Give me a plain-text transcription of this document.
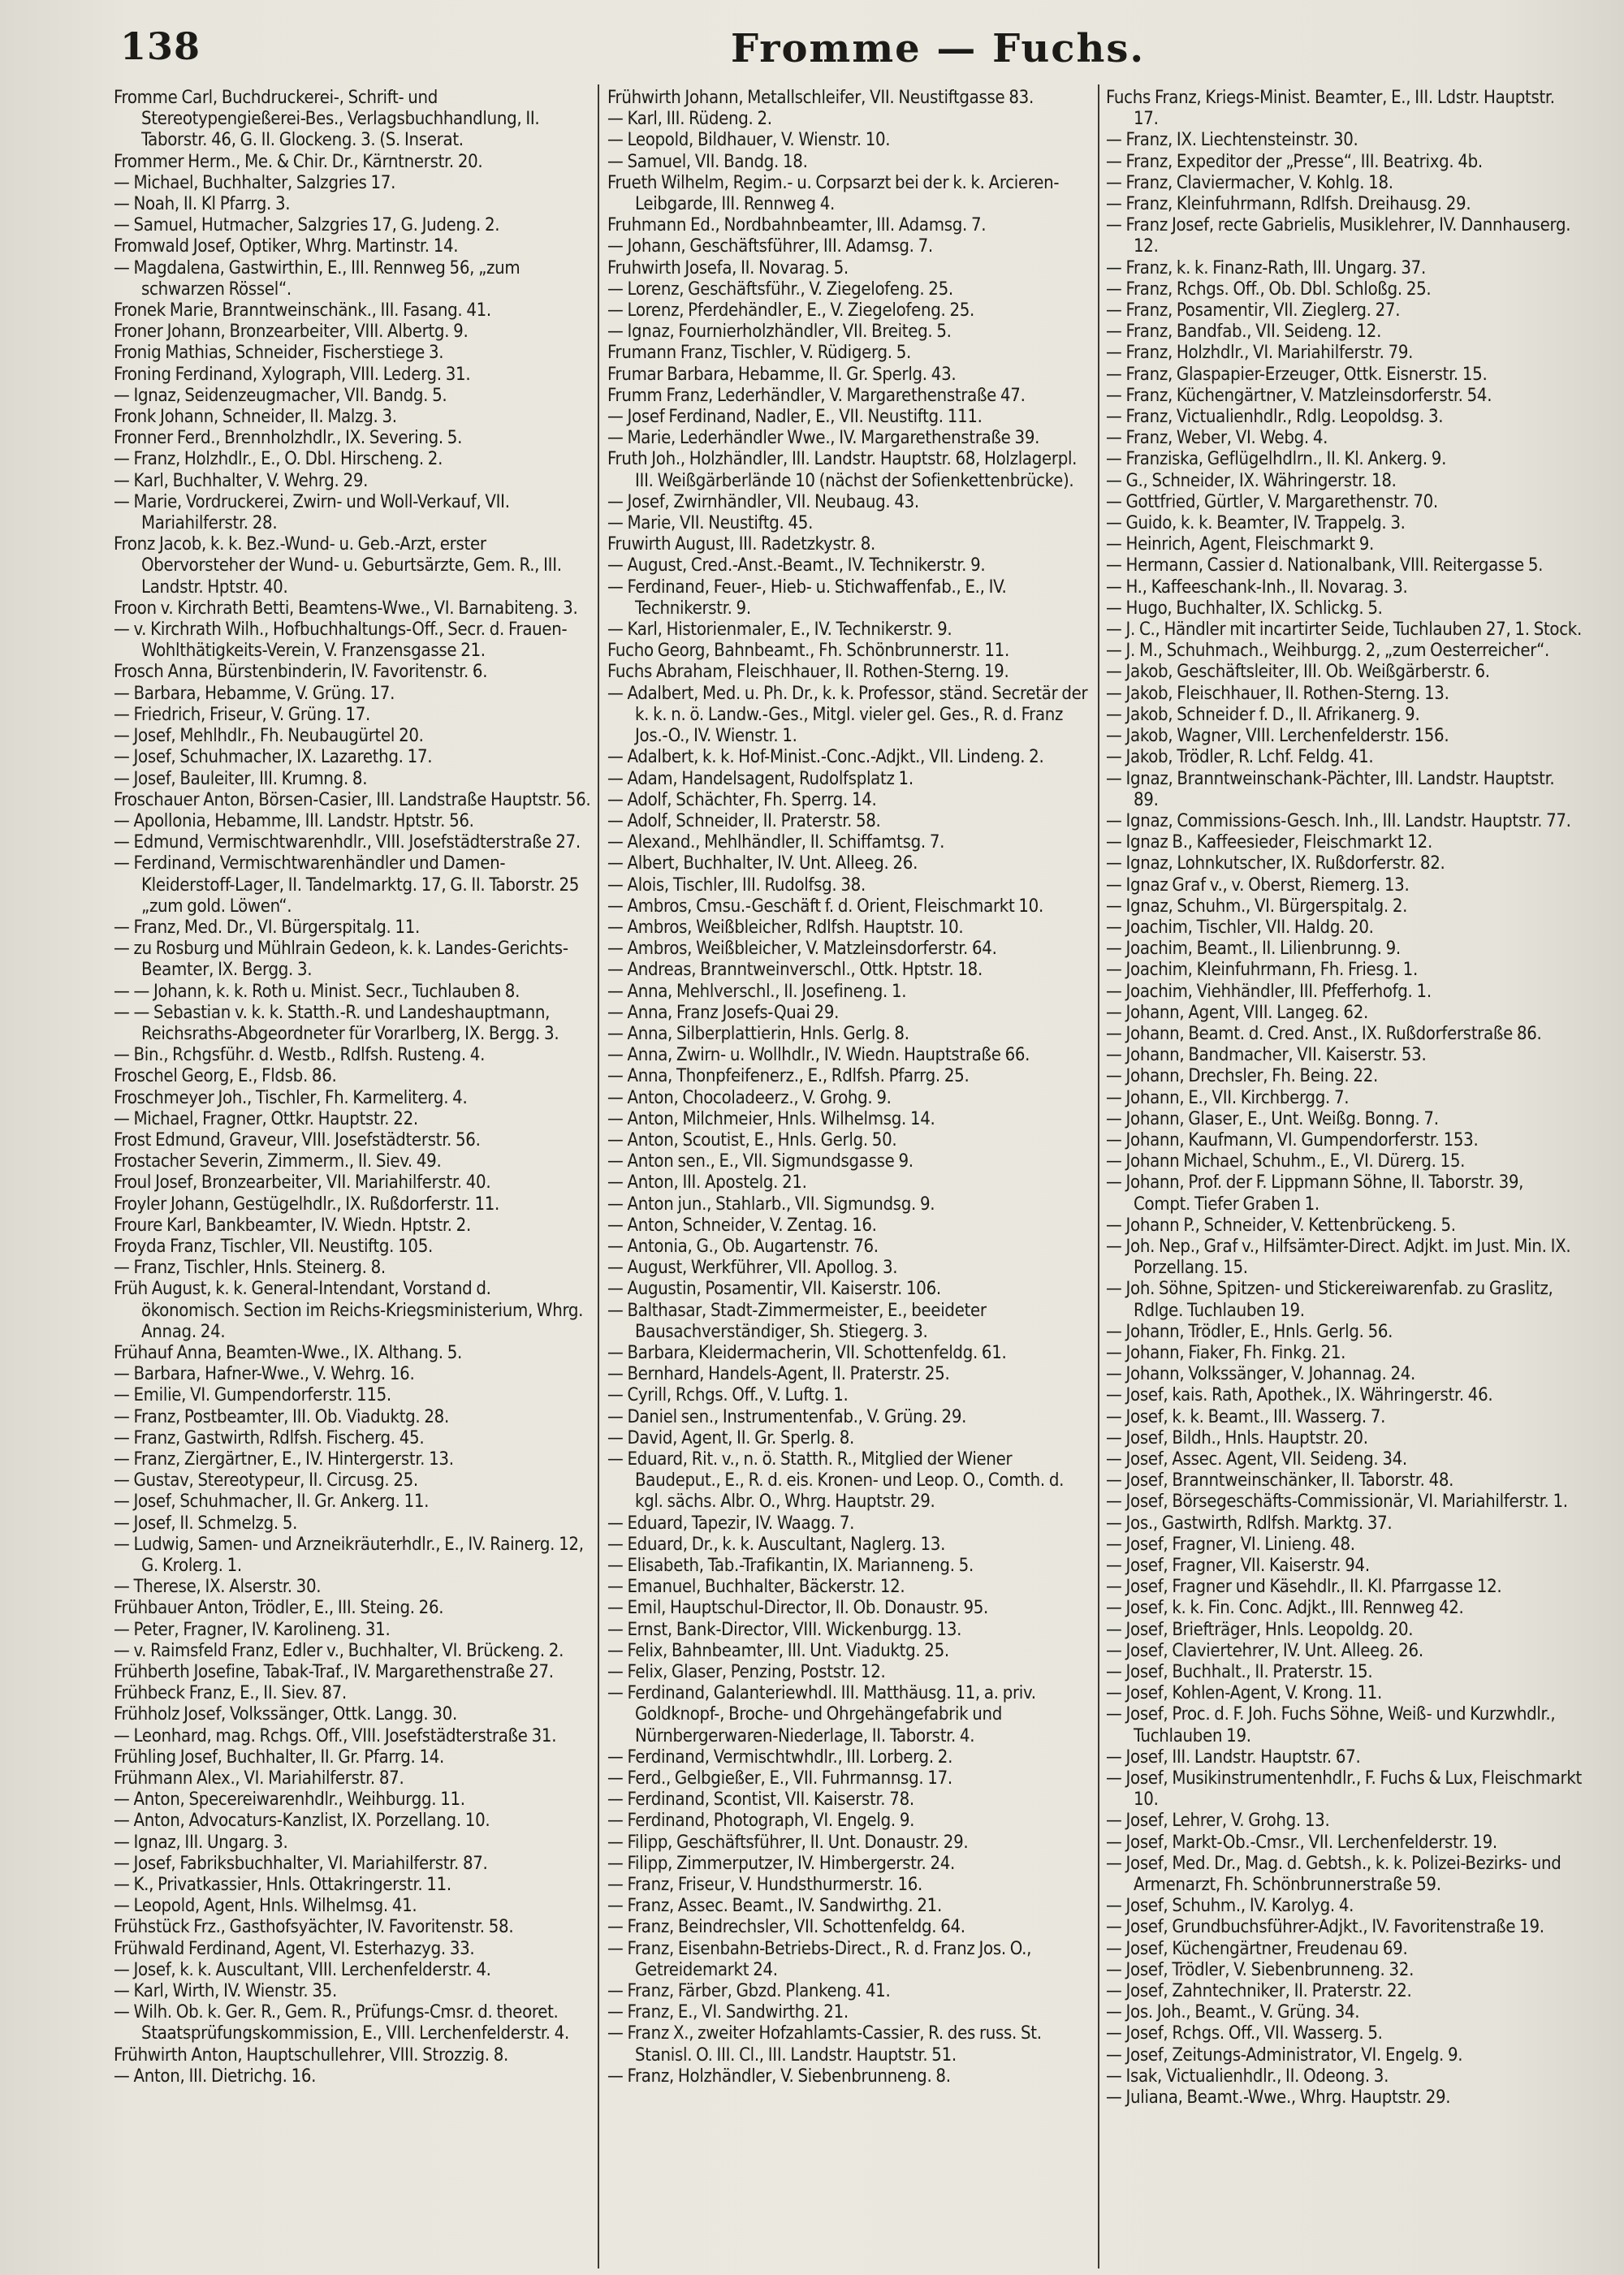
138	Fromme — Fuchs.
Fromme Carl, Buchdruckerei-, Schrift- und Stereotypengießerei-Bes., Verlagsbuchhandlung, II. Taborstr. 46, G. II. Glockeng. 3. (S. Inserat.
Frommer Herm., Me. & Chir. Dr., Kärntnerstr. 20.
— Michael, Buchhalter, Salzgries 17.
— Noah, II. Kl Pfarrg. 3.
— Samuel, Hutmacher, Salzgries 17, G. Judeng. 2.
Fromwald Josef, Optiker, Whrg. Martinstr. 14.
— Magdalena, Gastwirthin, E., III. Rennweg 56, „zum schwarzen Rössel“.
Fronek Marie, Branntweinschänk., III. Fasang. 41.
Froner Johann, Bronzearbeiter, VIII. Albertg. 9.
Fronig Mathias, Schneider, Fischerstiege 3.
Froning Ferdinand, Xylograph, VIII. Lederg. 31.
— Ignaz, Seidenzeugmacher, VII. Bandg. 5.
Fronk Johann, Schneider, II. Malzg. 3.
Fronner Ferd., Brennholzhdlr., IX. Severing. 5.
— Franz, Holzhdlr., E., O. Dbl. Hirscheng. 2.
— Karl, Buchhalter, V. Wehrg. 29.
— Marie, Vordruckerei, Zwirn- und Woll-Verkauf, VII. Mariahilferstr. 28.
Fronz Jacob, k. k. Bez.-Wund- u. Geb.-Arzt, erster Obervorsteher der Wund- u. Geburtsärzte, Gem. R., III. Landstr. Hptstr. 40.
Froon v. Kirchrath Betti, Beamtens-Wwe., VI. Barnabiteng. 3.
— v. Kirchrath Wilh., Hofbuchhaltungs-Off., Secr. d. Frauen-Wohlthätigkeits-Verein, V. Franzensgasse 21.
Frosch Anna, Bürstenbinderin, IV. Favoritenstr. 6.
— Barbara, Hebamme, V. Grüng. 17.
— Friedrich, Friseur, V. Grüng. 17.
— Josef, Mehlhdlr., Fh. Neubaugürtel 20.
— Josef, Schuhmacher, IX. Lazarethg. 17.
— Josef, Bauleiter, III. Krumng. 8.
Froschauer Anton, Börsen-Casier, III. Landstraße Hauptstr. 56.
— Apollonia, Hebamme, III. Landstr. Hptstr. 56.
— Edmund, Vermischtwarenhdlr., VIII. Josefstädterstraße 27.
— Ferdinand, Vermischtwarenhändler und Damen-Kleiderstoff-Lager, II. Tandelmarktg. 17, G. II. Taborstr. 25 „zum gold. Löwen“.
— Franz, Med. Dr., VI. Bürgerspitalg. 11.
— zu Rosburg und Mühlrain Gedeon, k. k. Landes-Gerichts-Beamter, IX. Bergg. 3.
— — Johann, k. k. Roth u. Minist. Secr., Tuchlauben 8.
— — Sebastian v. k. k. Statth.-R. und Landeshauptmann, Reichsraths-Abgeordneter für Vorarlberg, IX. Bergg. 3.
— Bin., Rchgsführ. d. Westb., Rdlfsh. Rusteng. 4.
Froschel Georg, E., Fldsb. 86.
Froschmeyer Joh., Tischler, Fh. Karmeliterg. 4.
— Michael, Fragner, Ottkr. Hauptstr. 22.
Frost Edmund, Graveur, VIII. Josefstädterstr. 56.
Frostacher Severin, Zimmerm., II. Siev. 49.
Froul Josef, Bronzearbeiter, VII. Mariahilferstr. 40.
Froyler Johann, Gestügelhdlr., IX. Rußdorferstr. 11.
Froure Karl, Bankbeamter, IV. Wiedn. Hptstr. 2.
Froyda Franz, Tischler, VII. Neustiftg. 105.
— Franz, Tischler, Hnls. Steinerg. 8.
Früh August, k. k. General-Intendant, Vorstand d. ökonomisch. Section im Reichs-Kriegsministerium, Whrg. Annag. 24.
Frühauf Anna, Beamten-Wwe., IX. Althang. 5.
— Barbara, Hafner-Wwe., V. Wehrg. 16.
— Emilie, VI. Gumpendorferstr. 115.
— Franz, Postbeamter, III. Ob. Viaduktg. 28.
— Franz, Gastwirth, Rdlfsh. Fischerg. 45.
— Franz, Ziergärtner, E., IV. Hintergerstr. 13.
— Gustav, Stereotypeur, II. Circusg. 25.
— Josef, Schuhmacher, II. Gr. Ankerg. 11.
— Josef, II. Schmelzg. 5.
— Ludwig, Samen- und Arzneikräuterhdlr., E., IV. Rainerg. 12, G. Krolerg. 1.
— Therese, IX. Alserstr. 30.
Frühbauer Anton, Trödler, E., III. Steing. 26.
— Peter, Fragner, IV. Karolineng. 31.
— v. Raimsfeld Franz, Edler v., Buchhalter, VI. Brückeng. 2.
Frühberth Josefine, Tabak-Traf., IV. Margarethenstraße 27.
Frühbeck Franz, E., II. Siev. 87.
Frühholz Josef, Volkssänger, Ottk. Langg. 30.
— Leonhard, mag. Rchgs. Off., VIII. Josefstädterstraße 31.
Frühling Josef, Buchhalter, II. Gr. Pfarrg. 14.
Frühmann Alex., VI. Mariahilferstr. 87.
— Anton, Specereiwarenhdlr., Weihburgg. 11.
— Anton, Advocaturs-Kanzlist, IX. Porzellang. 10.
— Ignaz, III. Ungarg. 3.
— Josef, Fabriksbuchhalter, VI. Mariahilferstr. 87.
— K., Privatkassier, Hnls. Ottakringerstr. 11.
— Leopold, Agent, Hnls. Wilhelmsg. 41.
Frühstück Frz., Gasthofsyächter, IV. Favoritenstr. 58.
Frühwald Ferdinand, Agent, VI. Esterhazyg. 33.
— Josef, k. k. Auscultant, VIII. Lerchenfelderstr. 4.
— Karl, Wirth, IV. Wienstr. 35.
— Wilh. Ob. k. Ger. R., Gem. R., Prüfungs-Cmsr. d. theoret. Staatsprüfungskommission, E., VIII. Lerchenfelderstr. 4.
Frühwirth Anton, Hauptschullehrer, VIII. Strozzig. 8.
— Anton, III. Dietrichg. 16.
Frühwirth Johann, Metallschleifer, VII. Neustiftgasse 83.
— Karl, III. Rüdeng. 2.
— Leopold, Bildhauer, V. Wienstr. 10.
— Samuel, VII. Bandg. 18.
Frueth Wilhelm, Regim.- u. Corpsarzt bei der k. k. Arcieren-Leibgarde, III. Rennweg 4.
Fruhmann Ed., Nordbahnbeamter, III. Adamsg. 7.
— Johann, Geschäftsführer, III. Adamsg. 7.
Fruhwirth Josefa, II. Novarag. 5.
— Lorenz, Geschäftsführ., V. Ziegelofeng. 25.
— Lorenz, Pferdehändler, E., V. Ziegelofeng. 25.
— Ignaz, Fournierholzhändler, VII. Breiteg. 5.
Frumann Franz, Tischler, V. Rüdigerg. 5.
Frumar Barbara, Hebamme, II. Gr. Sperlg. 43.
Frumm Franz, Lederhändler, V. Margarethenstraße 47.
— Josef Ferdinand, Nadler, E., VII. Neustiftg. 111.
— Marie, Lederhändler Wwe., IV. Margarethenstraße 39.
Fruth Joh., Holzhändler, III. Landstr. Hauptstr. 68, Holzlagerpl. III. Weißgärberlände 10 (nächst der Sofienkettenbrücke).
— Josef, Zwirnhändler, VII. Neubaug. 43.
— Marie, VII. Neustiftg. 45.
Fruwirth August, III. Radetzkystr. 8.
— August, Cred.-Anst.-Beamt., IV. Technikerstr. 9.
— Ferdinand, Feuer-, Hieb- u. Stichwaffenfab., E., IV. Technikerstr. 9.
— Karl, Historienmaler, E., IV. Technikerstr. 9.
Fucho Georg, Bahnbeamt., Fh. Schönbrunnerstr. 11.
Fuchs Abraham, Fleischhauer, II. Rothen-Sterng. 19.
— Adalbert, Med. u. Ph. Dr., k. k. Professor, ständ. Secretär der k. k. n. ö. Landw.-Ges., Mitgl. vieler gel. Ges., R. d. Franz Jos.-O., IV. Wienstr. 1.
— Adalbert, k. k. Hof-Minist.-Conc.-Adjkt., VII. Lindeng. 2.
— Adam, Handelsagent, Rudolfsplatz 1.
— Adolf, Schächter, Fh. Sperrg. 14.
— Adolf, Schneider, II. Praterstr. 58.
— Alexand., Mehlhändler, II. Schiffamtsg. 7.
— Albert, Buchhalter, IV. Unt. Alleeg. 26.
— Alois, Tischler, III. Rudolfsg. 38.
— Ambros, Cmsu.-Geschäft f. d. Orient, Fleischmarkt 10.
— Ambros, Weißbleicher, Rdlfsh. Hauptstr. 10.
— Ambros, Weißbleicher, V. Matzleinsdorferstr. 64.
— Andreas, Branntweinverschl., Ottk. Hptstr. 18.
— Anna, Mehlverschl., II. Josefineng. 1.
— Anna, Franz Josefs-Quai 29.
— Anna, Silberplattierin, Hnls. Gerlg. 8.
— Anna, Zwirn- u. Wollhdlr., IV. Wiedn. Hauptstraße 66.
— Anna, Thonpfeifenerz., E., Rdlfsh. Pfarrg. 25.
— Anton, Chocoladeerz., V. Grohg. 9.
— Anton, Milchmeier, Hnls. Wilhelmsg. 14.
— Anton, Scoutist, E., Hnls. Gerlg. 50.
— Anton sen., E., VII. Sigmundsgasse 9.
— Anton, III. Apostelg. 21.
— Anton jun., Stahlarb., VII. Sigmundsg. 9.
— Anton, Schneider, V. Zentag. 16.
— Antonia, G., Ob. Augartenstr. 76.
— August, Werkführer, VII. Apollog. 3.
— Augustin, Posamentir, VII. Kaiserstr. 106.
— Balthasar, Stadt-Zimmermeister, E., beeideter Bausachverständiger, Sh. Stiegerg. 3.
— Barbara, Kleidermacherin, VII. Schottenfeldg. 61.
— Bernhard, Handels-Agent, II. Praterstr. 25.
— Cyrill, Rchgs. Off., V. Luftg. 1.
— Daniel sen., Instrumentenfab., V. Grüng. 29.
— David, Agent, II. Gr. Sperlg. 8.
— Eduard, Rit. v., n. ö. Statth. R., Mitglied der Wiener Baudeput., E., R. d. eis. Kronen- und Leop. O., Comth. d. kgl. sächs. Albr. O., Whrg. Hauptstr. 29.
— Eduard, Tapezir, IV. Waagg. 7.
— Eduard, Dr., k. k. Auscultant, Naglerg. 13.
— Elisabeth, Tab.-Trafikantin, IX. Marianneng. 5.
— Emanuel, Buchhalter, Bäckerstr. 12.
— Emil, Hauptschul-Director, II. Ob. Donaustr. 95.
— Ernst, Bank-Director, VIII. Wickenburgg. 13.
— Felix, Bahnbeamter, III. Unt. Viaduktg. 25.
— Felix, Glaser, Penzing, Poststr. 12.
— Ferdinand, Galanteriewhdl. III. Matthäusg. 11, a. priv. Goldknopf-, Broche- und Ohrgehängefabrik und Nürnbergerwaren-Niederlage, II. Taborstr. 4.
— Ferdinand, Vermischtwhdlr., III. Lorberg. 2.
— Ferd., Gelbgießer, E., VII. Fuhrmannsg. 17.
— Ferdinand, Scontist, VII. Kaiserstr. 78.
— Ferdinand, Photograph, VI. Engelg. 9.
— Filipp, Geschäftsführer, II. Unt. Donaustr. 29.
— Filipp, Zimmerputzer, IV. Himbergerstr. 24.
— Franz, Friseur, V. Hundsthurmerstr. 16.
— Franz, Assec. Beamt., IV. Sandwirthg. 21.
— Franz, Beindrechsler, VII. Schottenfeldg. 64.
— Franz, Eisenbahn-Betriebs-Direct., R. d. Franz Jos. O., Getreidemarkt 24.
— Franz, Färber, Gbzd. Plankeng. 41.
— Franz, E., VI. Sandwirthg. 21.
— Franz X., zweiter Hofzahlamts-Cassier, R. des russ. St. Stanisl. O. III. Cl., III. Landstr. Hauptstr. 51.
— Franz, Holzhändler, V. Siebenbrunneng. 8.
Fuchs Franz, Kriegs-Minist. Beamter, E., III. Ldstr. Hauptstr. 17.
— Franz, IX. Liechtensteinstr. 30.
— Franz, Expeditor der „Presse“, III. Beatrixg. 4b.
— Franz, Claviermacher, V. Kohlg. 18.
— Franz, Kleinfuhrmann, Rdlfsh. Dreihausg. 29.
— Franz Josef, recte Gabrielis, Musiklehrer, IV. Dannhauserg. 12.
— Franz, k. k. Finanz-Rath, III. Ungarg. 37.
— Franz, Rchgs. Off., Ob. Dbl. Schloßg. 25.
— Franz, Posamentir, VII. Zieglerg. 27.
— Franz, Bandfab., VII. Seideng. 12.
— Franz, Holzhdlr., VI. Mariahilferstr. 79.
— Franz, Glaspapier-Erzeuger, Ottk. Eisnerstr. 15.
— Franz, Küchengärtner, V. Matzleinsdorferstr. 54.
— Franz, Victualienhdlr., Rdlg. Leopoldsg. 3.
— Franz, Weber, VI. Webg. 4.
— Franziska, Geflügelhdlrn., II. Kl. Ankerg. 9.
— G., Schneider, IX. Währingerstr. 18.
— Gottfried, Gürtler, V. Margarethenstr. 70.
— Guido, k. k. Beamter, IV. Trappelg. 3.
— Heinrich, Agent, Fleischmarkt 9.
— Hermann, Cassier d. Nationalbank, VIII. Reitergasse 5.
— H., Kaffeeschank-Inh., II. Novarag. 3.
— Hugo, Buchhalter, IX. Schlickg. 5.
— J. C., Händler mit incartirter Seide, Tuchlauben 27, 1. Stock.
— J. M., Schuhmach., Weihburgg. 2, „zum Oesterreicher“.
— Jakob, Geschäftsleiter, III. Ob. Weißgärberstr. 6.
— Jakob, Fleischhauer, II. Rothen-Sterng. 13.
— Jakob, Schneider f. D., II. Afrikanerg. 9.
— Jakob, Wagner, VIII. Lerchenfelderstr. 156.
— Jakob, Trödler, R. Lchf. Feldg. 41.
— Ignaz, Branntweinschank-Pächter, III. Landstr. Hauptstr. 89.
— Ignaz, Commissions-Gesch. Inh., III. Landstr. Hauptstr. 77.
— Ignaz B., Kaffeesieder, Fleischmarkt 12.
— Ignaz, Lohnkutscher, IX. Rußdorferstr. 82.
— Ignaz Graf v., v. Oberst, Riemerg. 13.
— Ignaz, Schuhm., VI. Bürgerspitalg. 2.
— Joachim, Tischler, VII. Haldg. 20.
— Joachim, Beamt., II. Lilienbrunng. 9.
— Joachim, Kleinfuhrmann, Fh. Friesg. 1.
— Joachim, Viehhändler, III. Pfefferhofg. 1.
— Johann, Agent, VIII. Langeg. 62.
— Johann, Beamt. d. Cred. Anst., IX. Rußdorferstraße 86.
— Johann, Bandmacher, VII. Kaiserstr. 53.
— Johann, Drechsler, Fh. Being. 22.
— Johann, E., VII. Kirchbergg. 7.
— Johann, Glaser, E., Unt. Weißg. Bonng. 7.
— Johann, Kaufmann, VI. Gumpendorferstr. 153.
— Johann Michael, Schuhm., E., VI. Dürerg. 15.
— Johann, Prof. der F. Lippmann Söhne, II. Taborstr. 39, Compt. Tiefer Graben 1.
— Johann P., Schneider, V. Kettenbrückeng. 5.
— Joh. Nep., Graf v., Hilfsämter-Direct. Adjkt. im Just. Min. IX. Porzellang. 15.
— Joh. Söhne, Spitzen- und Stickereiwarenfab. zu Graslitz, Rdlge. Tuchlauben 19.
— Johann, Trödler, E., Hnls. Gerlg. 56.
— Johann, Fiaker, Fh. Finkg. 21.
— Johann, Volkssänger, V. Johannag. 24.
— Josef, kais. Rath, Apothek., IX. Währingerstr. 46.
— Josef, k. k. Beamt., III. Wasserg. 7.
— Josef, Bildh., Hnls. Hauptstr. 20.
— Josef, Assec. Agent, VII. Seideng. 34.
— Josef, Branntweinschänker, II. Taborstr. 48.
— Josef, Börsegeschäfts-Commissionär, VI. Mariahilferstr. 1.
— Jos., Gastwirth, Rdlfsh. Marktg. 37.
— Josef, Fragner, VI. Linieng. 48.
— Josef, Fragner, VII. Kaiserstr. 94.
— Josef, Fragner und Käsehdlr., II. Kl. Pfarrgasse 12.
— Josef, k. k. Fin. Conc. Adjkt., III. Rennweg 42.
— Josef, Briefträger, Hnls. Leopoldg. 20.
— Josef, Claviertehrer, IV. Unt. Alleeg. 26.
— Josef, Buchhalt., II. Praterstr. 15.
— Josef, Kohlen-Agent, V. Krong. 11.
— Josef, Proc. d. F. Joh. Fuchs Söhne, Weiß- und Kurzwhdlr., Tuchlauben 19.
— Josef, III. Landstr. Hauptstr. 67.
— Josef, Musikinstrumentenhdlr., F. Fuchs & Lux, Fleischmarkt 10.
— Josef, Lehrer, V. Grohg. 13.
— Josef, Markt-Ob.-Cmsr., VII. Lerchenfelderstr. 19.
— Josef, Med. Dr., Mag. d. Gebtsh., k. k. Polizei-Bezirks- und Armenarzt, Fh. Schönbrunnerstraße 59.
— Josef, Schuhm., IV. Karolyg. 4.
— Josef, Grundbuchsführer-Adjkt., IV. Favoritenstraße 19.
— Josef, Küchengärtner, Freudenau 69.
— Josef, Trödler, V. Siebenbrunneng. 32.
— Josef, Zahntechniker, II. Praterstr. 22.
— Jos. Joh., Beamt., V. Grüng. 34.
— Josef, Rchgs. Off., VII. Wasserg. 5.
— Josef, Zeitungs-Administrator, VI. Engelg. 9.
— Isak, Victualienhdlr., II. Odeong. 3.
— Juliana, Beamt.-Wwe., Whrg. Hauptstr. 29.
